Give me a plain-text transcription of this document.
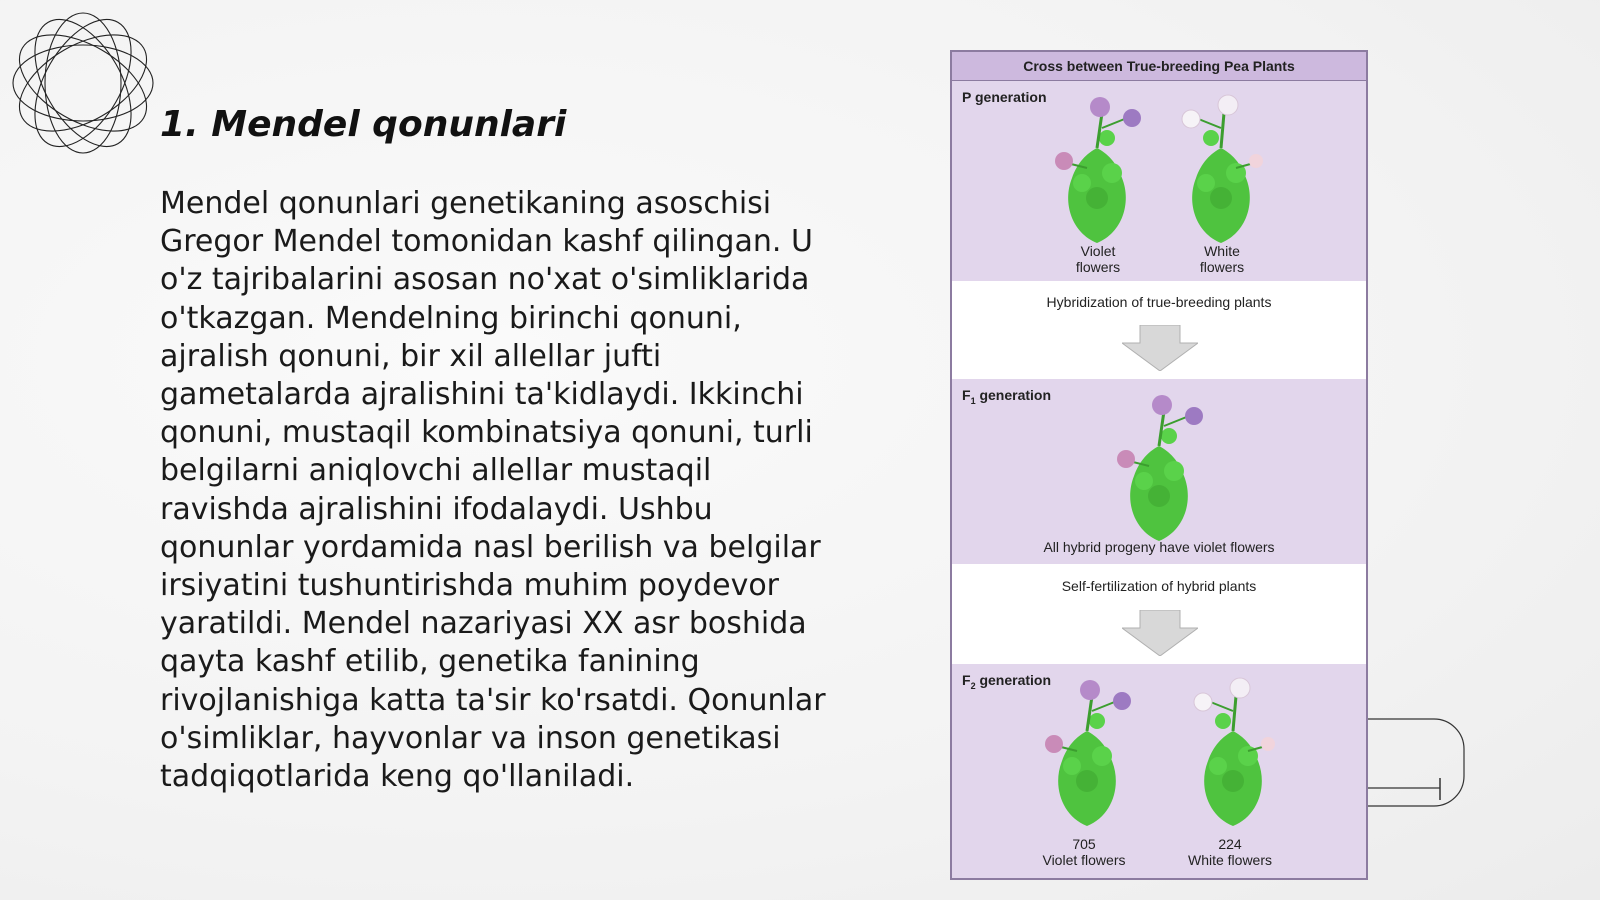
1. Mendel qonunlari

Mendel qonunlari genetikaning asoschisi Gregor Mendel tomonidan kashf qilingan. U o'z tajribalarini asosan no'xat o'simliklarida o'tkazgan. Mendelning birinchi qonuni, ajralish qonuni, bir xil allellar jufti gametalarda ajralishini ta'kidlaydi. Ikkinchi qonuni, mustaqil kombinatsiya qonuni, turli belgilarni aniqlovchi allellar mustaqil ravishda ajralishini ifodalaydi. Ushbu qonunlar yordamida nasl berilish va belgilar irsiyatini tushuntirishda muhim poydevor yaratildi. Mendel nazariyasi XX asr boshida qayta kashf etilib, genetika fanining rivojlanishiga katta ta'sir ko'rsatdi. Qonunlar o'simliklar, hayvonlar va inson genetikasi tadqiqotlarida keng qo'llaniladi.

Cross between True-breeding Pea Plants
P generation
Violet
flowers
White
flowers
Hybridization of true-breeding plants
$F_1$ generation
All hybrid progeny have violet flowers
Self-fertilization of hybrid plants
$F_2$ generation
705
Violet flowers
224
White flowers
